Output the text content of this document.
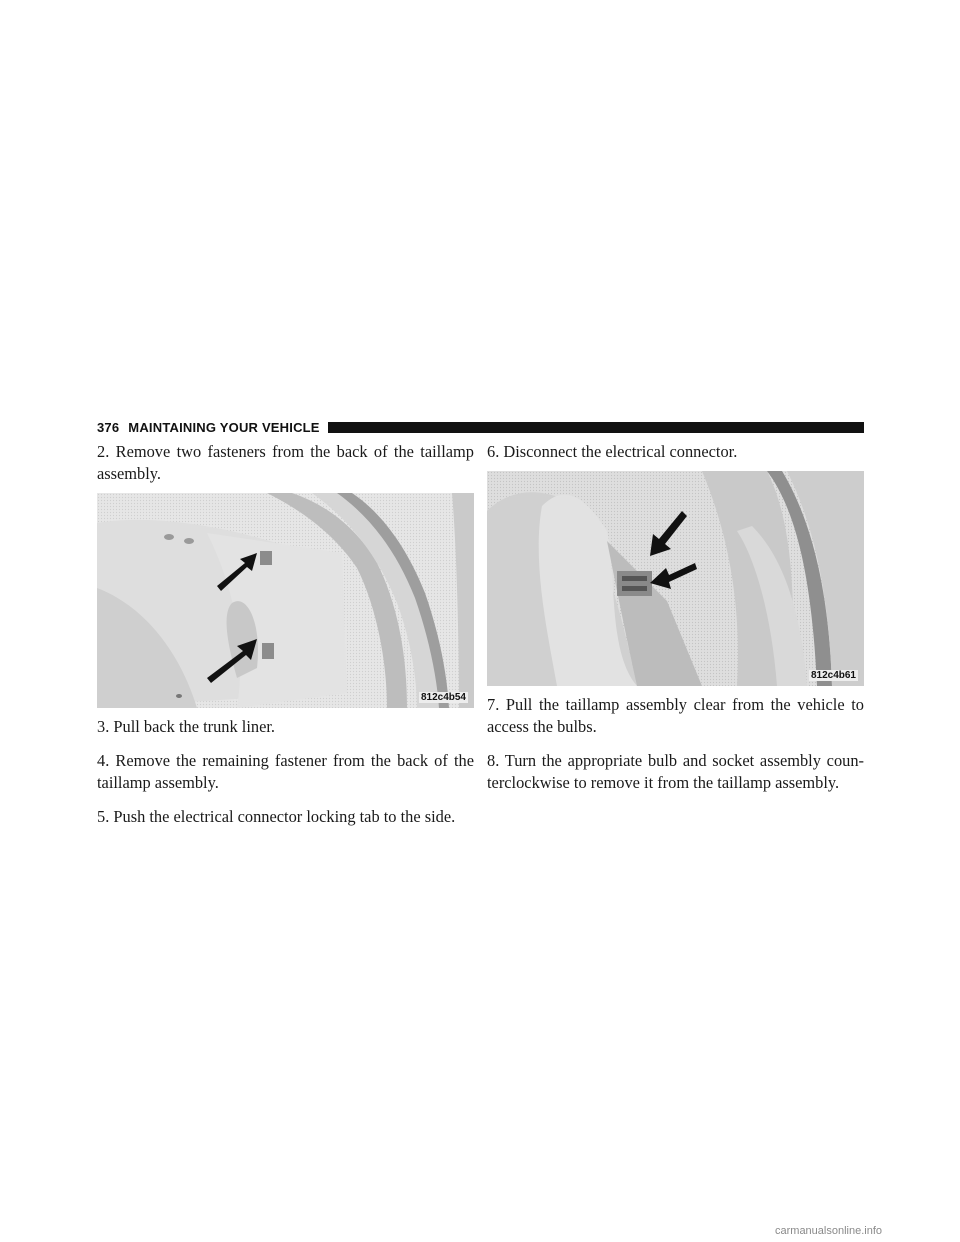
376 MAINTAINING YOUR VEHICLE

2. Remove two fasteners from the back of the taillamp assembly.

812c4b54

3. Pull back the trunk liner.

4. Remove the remaining fastener from the back of the taillamp assembly.

5. Push the electrical connector locking tab to the side.

6. Disconnect the electrical connector.

812c4b61

7. Pull the taillamp assembly clear from the vehicle to access the bulbs.

8. Turn the appropriate bulb and socket assembly coun-terclockwise to remove it from the taillamp assembly.

carmanualsonline.info
